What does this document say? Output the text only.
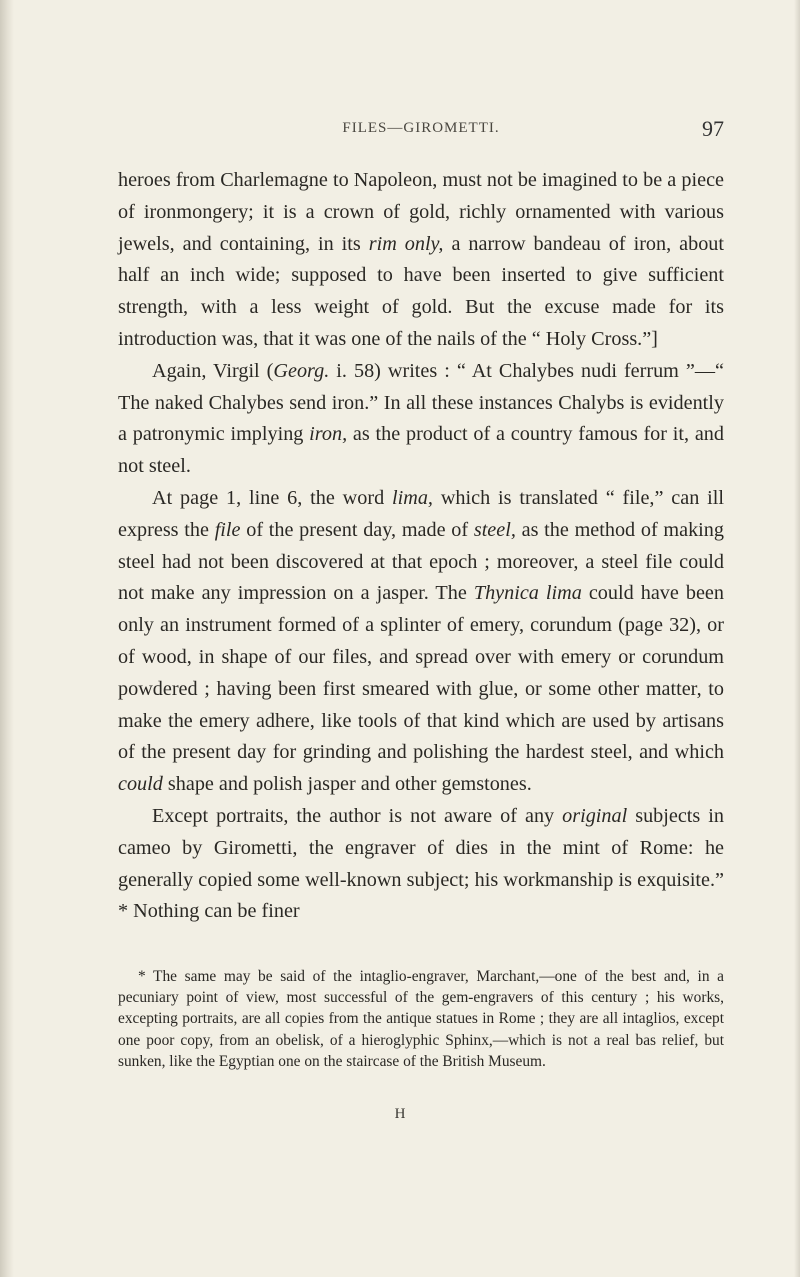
FILES—GIROMETTI.	97

heroes from Charlemagne to Napoleon, must not be imagined to be a piece of ironmongery; it is a crown of gold, richly ornamented with various jewels, and containing, in its rim only, a narrow bandeau of iron, about half an inch wide; supposed to have been inserted to give sufficient strength, with a less weight of gold. But the excuse made for its introduction was, that it was one of the nails of the “ Holy Cross.”]

Again, Virgil (Georg. i. 58) writes : “ At Chalybes nudi ferrum ”—“ The naked Chalybes send iron.” In all these instances Chalybs is evidently a patronymic implying iron, as the product of a country famous for it, and not steel.

At page 1, line 6, the word lima, which is translated “ file,” can ill express the file of the present day, made of steel, as the method of making steel had not been discovered at that epoch ; moreover, a steel file could not make any impression on a jasper. The Thynica lima could have been only an instrument formed of a splinter of emery, corundum (page 32), or of wood, in shape of our files, and spread over with emery or corundum powdered ; having been first smeared with glue, or some other matter, to make the emery adhere, like tools of that kind which are used by artisans of the present day for grinding and polishing the hardest steel, and which could shape and polish jasper and other gemstones.

Except portraits, the author is not aware of any original subjects in cameo by Girometti, the engraver of dies in the mint of Rome: he generally copied some well-known subject; his workmanship is exquisite.” * Nothing can be finer

* The same may be said of the intaglio-engraver, Marchant,—one of the best and, in a pecuniary point of view, most successful of the gem-engravers of this century ; his works, excepting portraits, are all copies from the antique statues in Rome ; they are all intaglios, except one poor copy, from an obelisk, of a hieroglyphic Sphinx,—which is not a real bas relief, but sunken, like the Egyptian one on the staircase of the British Museum.
H
